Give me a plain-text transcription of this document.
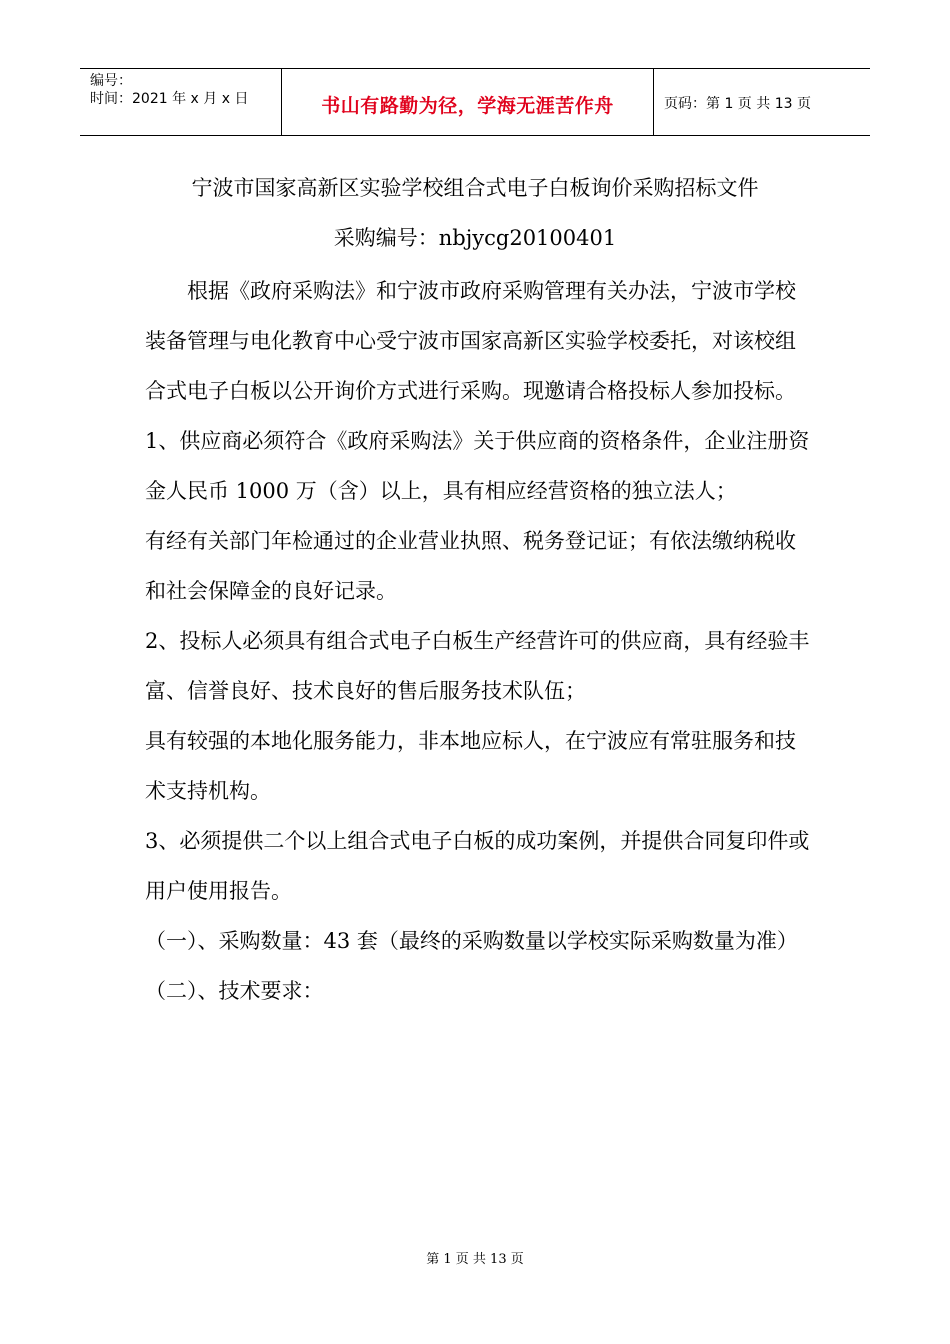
编号：
时间：2021 年 x 月 x 日	书山有路勤为径，学海无涯苦作舟	页码：第 1 页 共 13 页
宁波市国家高新区实验学校组合式电子白板询价采购招标文件
采购编号：nbjycg20100401

根据《政府采购法》和宁波市政府采购管理有关办法，宁波市学校装备管理与电化教育中心受宁波市国家高新区实验学校委托，对该校组合式电子白板以公开询价方式进行采购。现邀请合格投标人参加投标。

1、供应商必须符合《政府采购法》关于供应商的资格条件，企业注册资金人民币 1000 万（含）以上，具有相应经营资格的独立法人；

有经有关部门年检通过的企业营业执照、税务登记证；有依法缴纳税收和社会保障金的良好记录。

2、投标人必须具有组合式电子白板生产经营许可的供应商，具有经验丰富、信誉良好、技术良好的售后服务技术队伍；

具有较强的本地化服务能力，非本地应标人，在宁波应有常驻服务和技术支持机构。

3、必须提供二个以上组合式电子白板的成功案例，并提供合同复印件或用户使用报告。

（一）、采购数量：43 套（最终的采购数量以学校实际采购数量为准）

（二）、技术要求：

第 1 页 共 13 页
